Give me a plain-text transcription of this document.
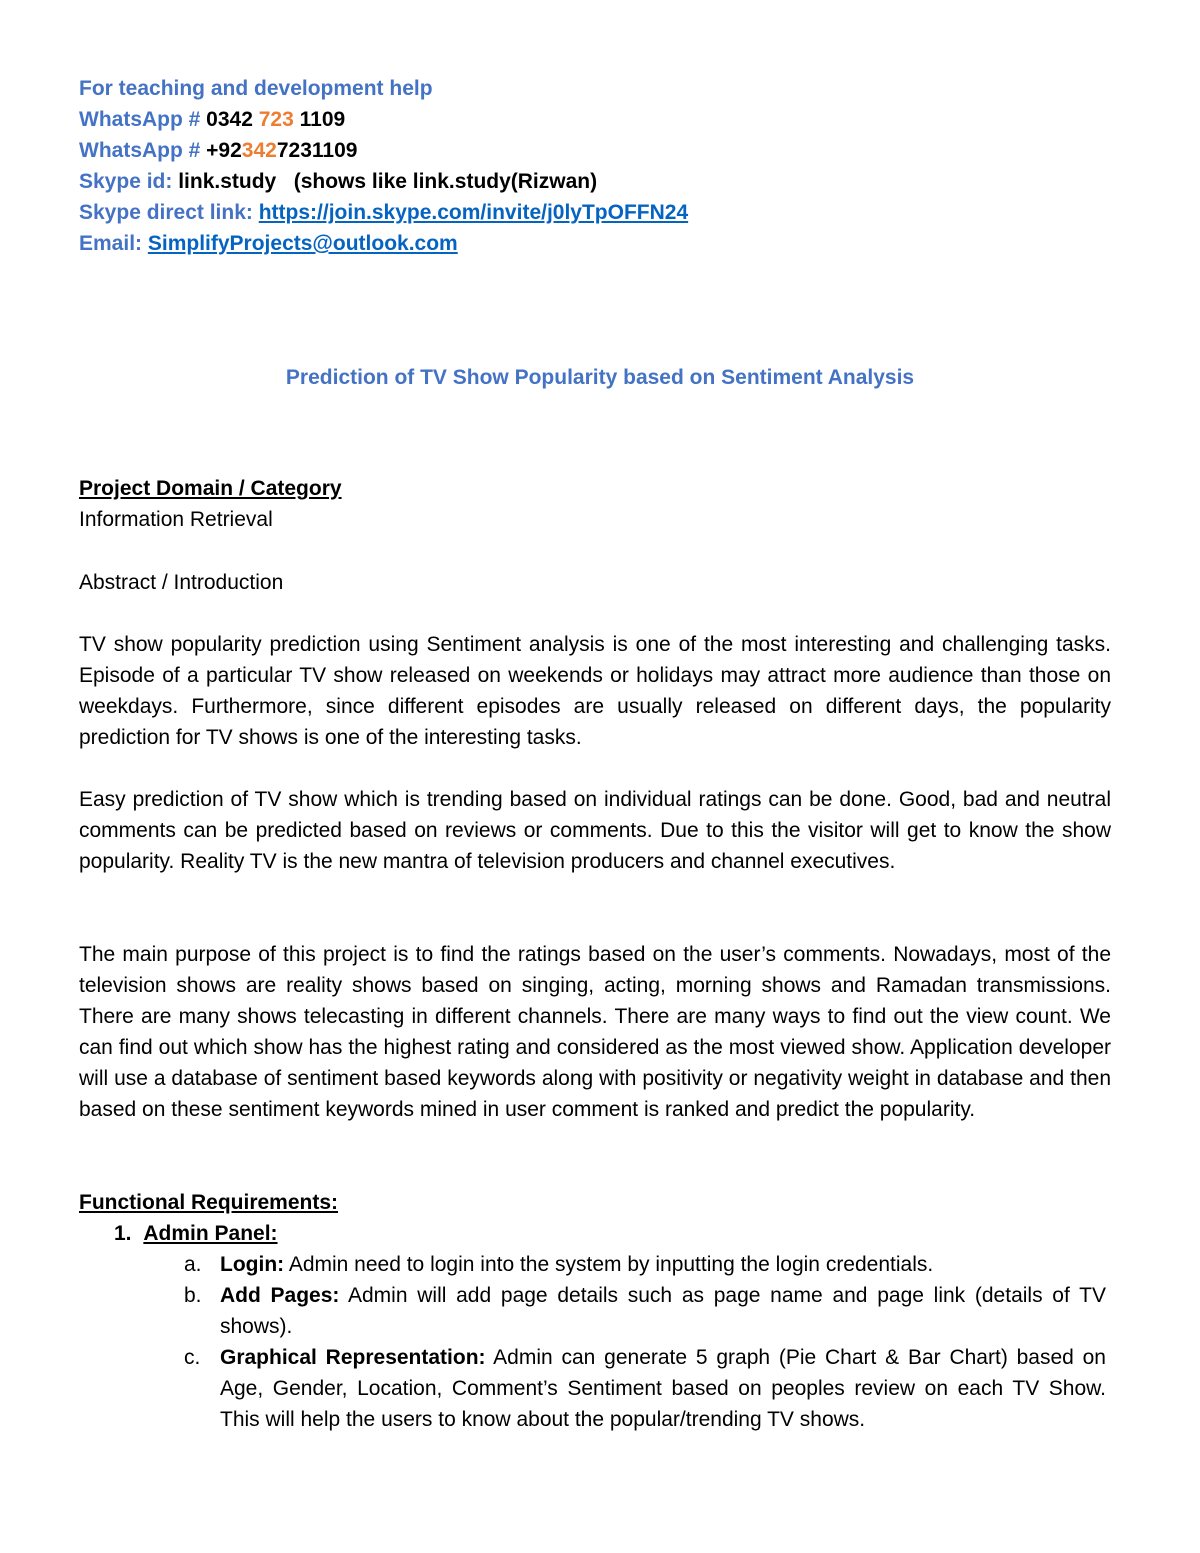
For teaching and development help
WhatsApp # 0342 723 1109
WhatsApp # +923427231109
Skype id: link.study   (shows like link.study(Rizwan)
Skype direct link: https://join.skype.com/invite/j0lyTpOFFN24
Email: SimplifyProjects@outlook.com
Prediction of TV Show Popularity based on Sentiment Analysis
Project Domain / Category
Information Retrieval
Abstract / Introduction

TV show popularity prediction using Sentiment analysis is one of the most interesting and challenging tasks. Episode of a particular TV show released on weekends or holidays may attract more audience than those on weekdays. Furthermore, since different episodes are usually released on different days, the popularity prediction for TV shows is one of the interesting tasks.

Easy prediction of TV show which is trending based on individual ratings can be done. Good, bad and neutral comments can be predicted based on reviews or comments. Due to this the visitor will get to know the show popularity. Reality TV is the new mantra of television producers and channel executives.

The main purpose of this project is to find the ratings based on the user’s comments. Nowadays, most of the television shows are reality shows based on singing, acting, morning shows and Ramadan transmissions. There are many shows telecasting in different channels. There are many ways to find out the view count. We can find out which show has the highest rating and considered as the most viewed show. Application developer will use a database of sentiment based keywords along with positivity or negativity weight in database and then based on these sentiment keywords mined in user comment is ranked and predict the popularity.

Functional Requirements:
1. Admin Panel:
a. Login: Admin need to login into the system by inputting the login credentials.
b. Add Pages: Admin will add page details such as page name and page link (details of TV shows).
c. Graphical Representation: Admin can generate 5 graph (Pie Chart & Bar Chart) based on Age, Gender, Location, Comment’s Sentiment based on peoples review on each TV Show. This will help the users to know about the popular/trending TV shows.
